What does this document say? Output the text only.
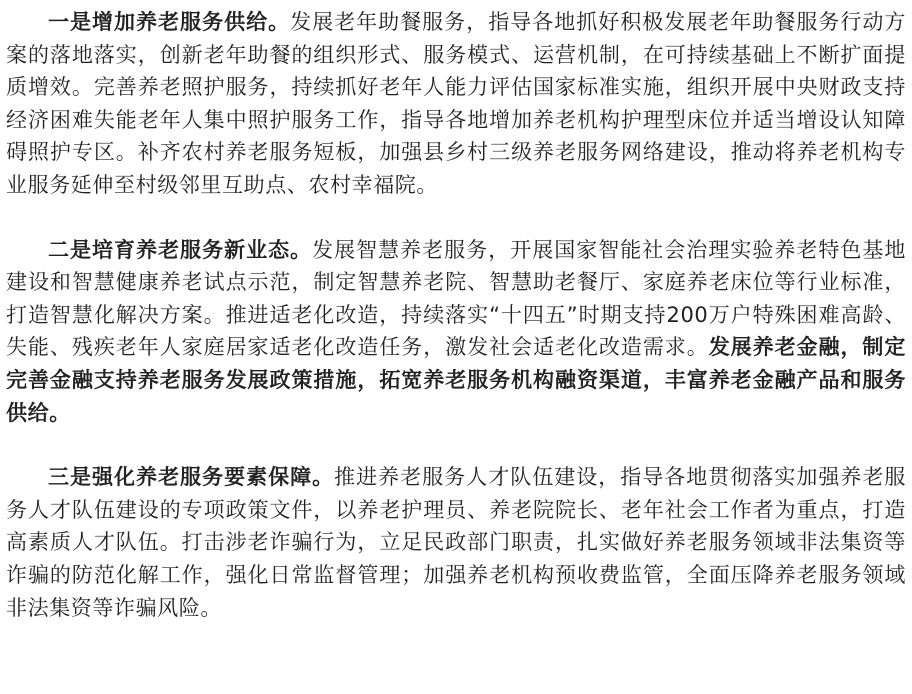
一是增加养老服务供给。发展老年助餐服务，指导各地抓好积极发展老年助餐服务行动方案的落地落实，创新老年助餐的组织形式、服务模式、运营机制，在可持续基础上不断扩面提质增效。完善养老照护服务，持续抓好老年人能力评估国家标准实施，组织开展中央财政支持经济困难失能老年人集中照护服务工作，指导各地增加养老机构护理型床位并适当增设认知障碍照护专区。补齐农村养老服务短板，加强县乡村三级养老服务网络建设，推动将养老机构专业服务延伸至村级邻里互助点、农村幸福院。

二是培育养老服务新业态。发展智慧养老服务，开展国家智能社会治理实验养老特色基地建设和智慧健康养老试点示范，制定智慧养老院、智慧助老餐厅、家庭养老床位等行业标准，打造智慧化解决方案。推进适老化改造，持续落实“十四五”时期支持200万户特殊困难高龄、失能、残疾老年人家庭居家适老化改造任务，激发社会适老化改造需求。发展养老金融，制定完善金融支持养老服务发展政策措施，拓宽养老服务机构融资渠道，丰富养老金融产品和服务供给。

三是强化养老服务要素保障。推进养老服务人才队伍建设，指导各地贯彻落实加强养老服务人才队伍建设的专项政策文件，以养老护理员、养老院院长、老年社会工作者为重点，打造高素质人才队伍。打击涉老诈骗行为，立足民政部门职责，扎实做好养老服务领域非法集资等诈骗的防范化解工作，强化日常监督管理；加强养老机构预收费监管，全面压降养老服务领域非法集资等诈骗风险。
